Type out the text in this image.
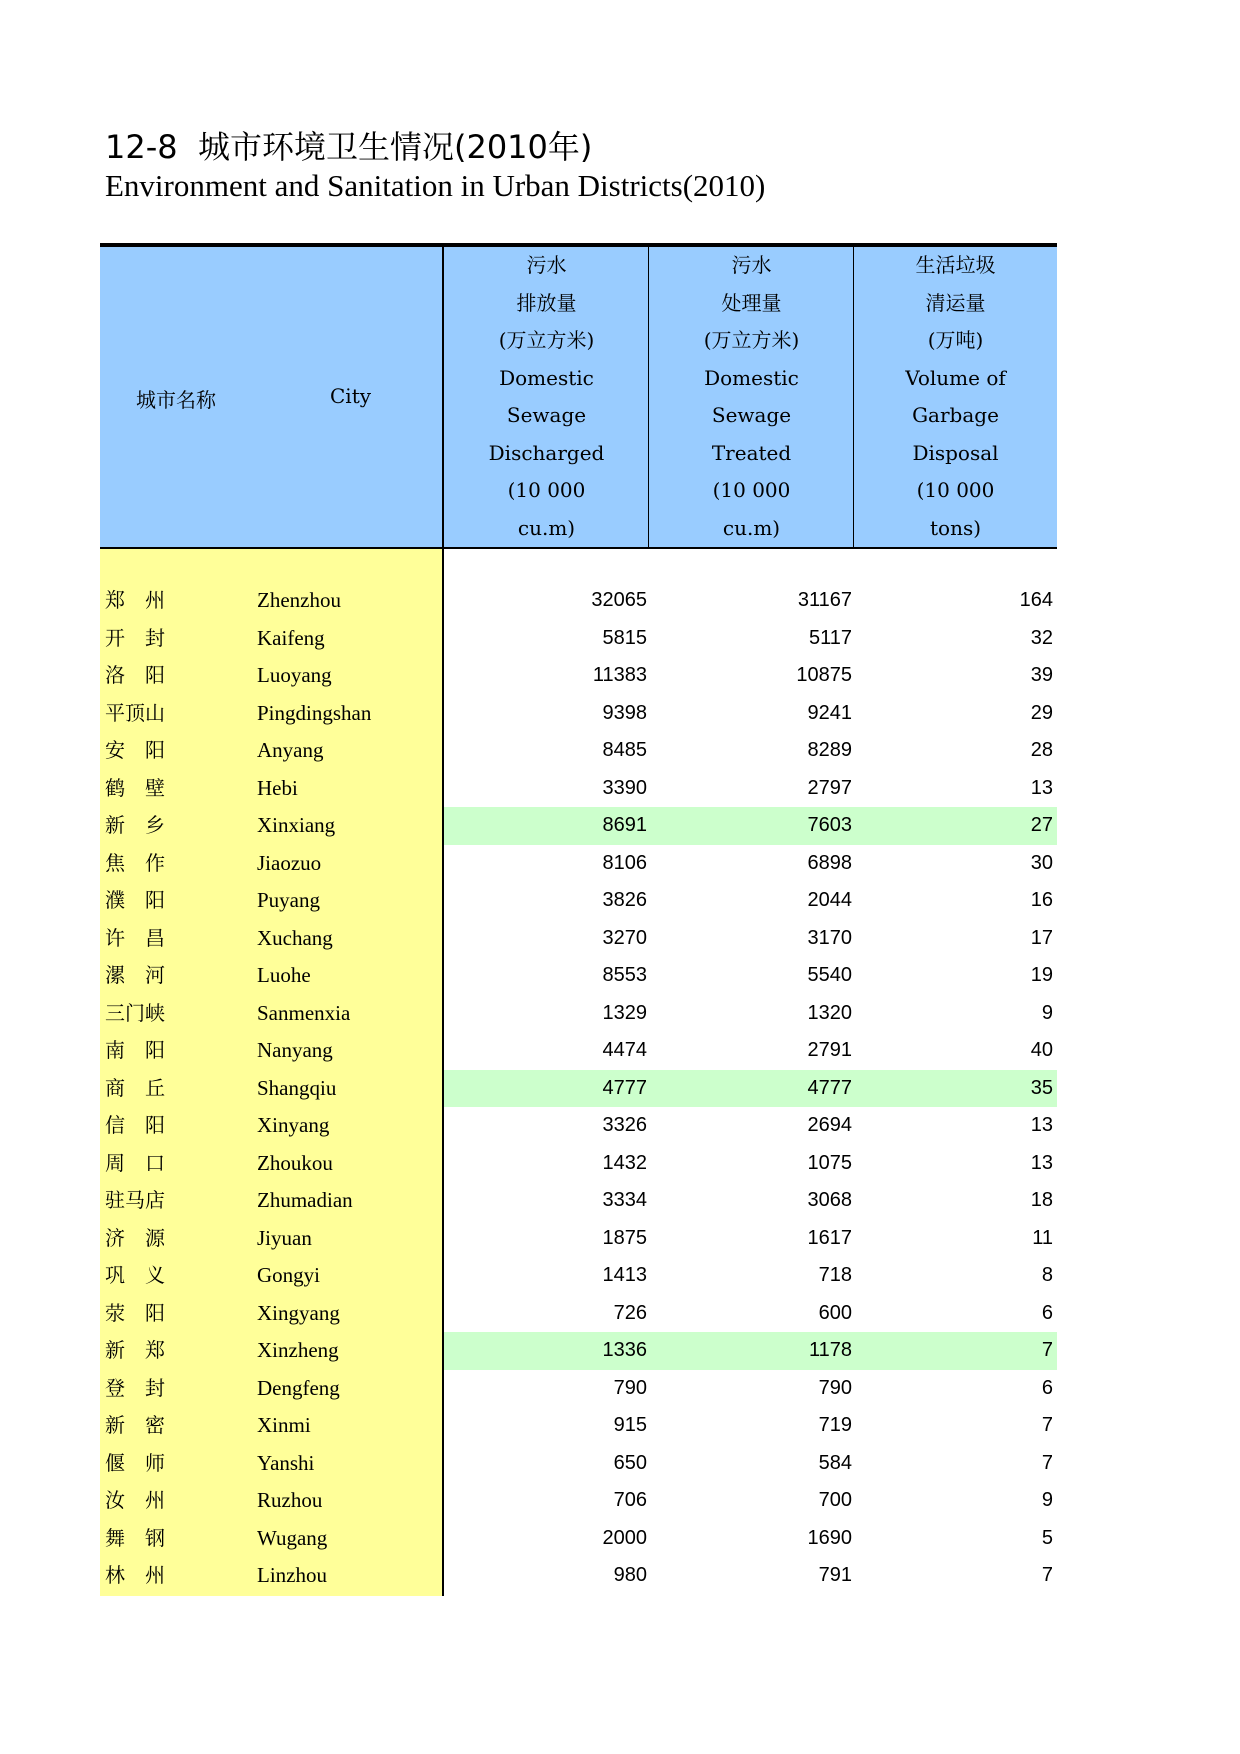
12-8  城市环境卫生情况(2010年)
Environment and Sanitation in Urban Districts(2010)
城市名称	City
污水
排放量
(万立方米)
Domestic
Sewage
Discharged
(10 000
cu.m)
污水
处理量
(万立方米)
Domestic
Sewage
Treated
(10 000
cu.m)
生活垃圾
清运量
(万吨)
Volume of
Garbage
Disposal
(10 000
tons)
郑　州	Zhenzhou	32065	31167	164
开　封	Kaifeng	5815	5117	32
洛　阳	Luoyang	11383	10875	39
平顶山	Pingdingshan	9398	9241	29
安　阳	Anyang	8485	8289	28
鹤　壁	Hebi	3390	2797	13
新　乡	Xinxiang	8691	7603	27
焦　作	Jiaozuo	8106	6898	30
濮　阳	Puyang	3826	2044	16
许　昌	Xuchang	3270	3170	17
漯　河	Luohe	8553	5540	19
三门峡	Sanmenxia	1329	1320	9
南　阳	Nanyang	4474	2791	40
商　丘	Shangqiu	4777	4777	35
信　阳	Xinyang	3326	2694	13
周　口	Zhoukou	1432	1075	13
驻马店	Zhumadian	3334	3068	18
济　源	Jiyuan	1875	1617	11
巩　义	Gongyi	1413	718	8
荥　阳	Xingyang	726	600	6
新　郑	Xinzheng	1336	1178	7
登　封	Dengfeng	790	790	6
新　密	Xinmi	915	719	7
偃　师	Yanshi	650	584	7
汝　州	Ruzhou	706	700	9
舞　钢	Wugang	2000	1690	5
林　州	Linzhou	980	791	7
